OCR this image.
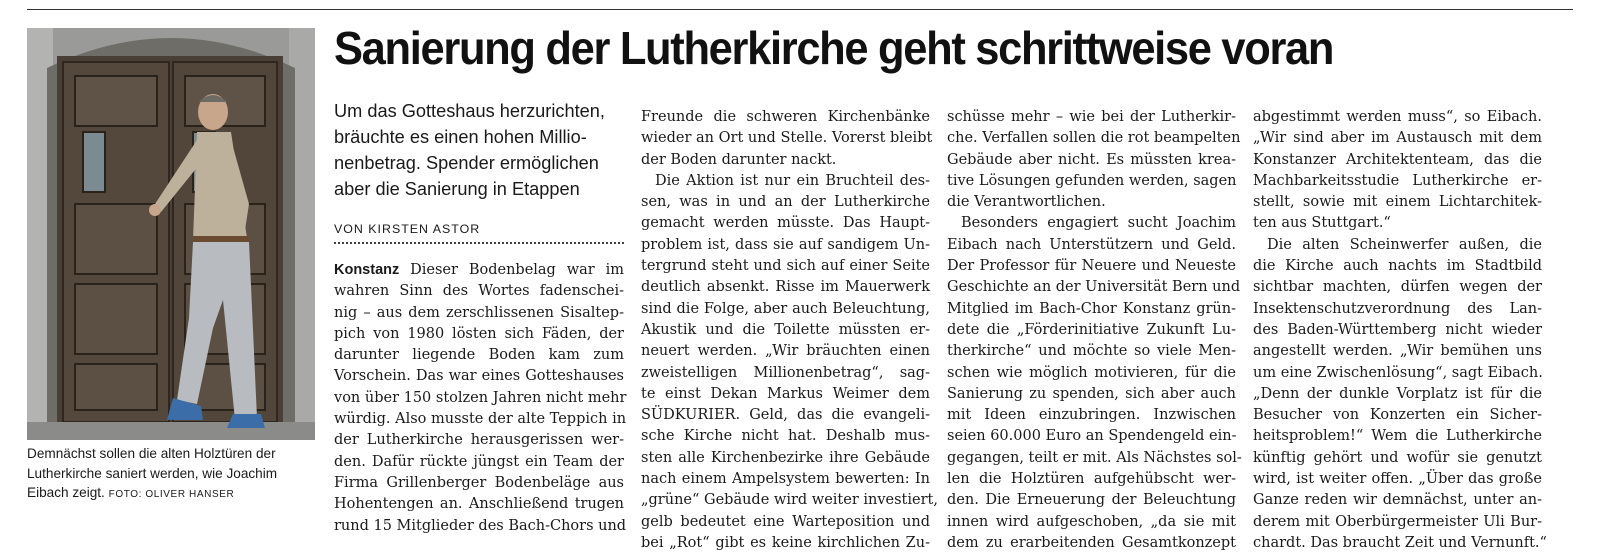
Demnächst sollen die alten Holztüren der Lutherkirche saniert werden, wie Joachim Eibach zeigt. FOTO: OLIVER HANSER
Sanierung der Lutherkirche geht schrittweise voran
Um das Gotteshaus herzurichten,
bräuchte es einen hohen Millio-
nenbetrag. Spender ermöglichen
aber die Sanierung in Etappen
VON KIRSTEN ASTOR
Konstanz Dieser Bodenbelag war im
wahren Sinn des Wortes fadenschei-
nig – aus dem zerschlissenen Sisaltep-
pich von 1980 lösten sich Fäden, der
darunter liegende Boden kam zum
Vorschein. Das war eines Gotteshauses
von über 150 stolzen Jahren nicht mehr
würdig. Also musste der alte Teppich in
der Lutherkirche herausgerissen wer-
den. Dafür rückte jüngst ein Team der
Firma Grillenberger Bodenbeläge aus
Hohentengen an. Anschließend trugen
rund 15 Mitglieder des Bach-Chors und
Freunde die schweren Kirchenbänke
wieder an Ort und Stelle. Vorerst bleibt
der Boden darunter nackt.
Die Aktion ist nur ein Bruchteil des-
sen, was in und an der Lutherkirche
gemacht werden müsste. Das Haupt-
problem ist, dass sie auf sandigem Un-
tergrund steht und sich auf einer Seite
deutlich absenkt. Risse im Mauerwerk
sind die Folge, aber auch Beleuchtung,
Akustik und die Toilette müssten er-
neuert werden. „Wir bräuchten einen
zweistelligen Millionenbetrag“, sag-
te einst Dekan Markus Weimer dem
SÜDKURIER. Geld, das die evangeli-
sche Kirche nicht hat. Deshalb mus-
sten alle Kirchenbezirke ihre Gebäude
nach einem Ampelsystem bewerten: In
„grüne“ Gebäude wird weiter investiert,
gelb bedeutet eine Warteposition und
bei „Rot“ gibt es keine kirchlichen Zu-
schüsse mehr – wie bei der Lutherkir-
che. Verfallen sollen die rot beampelten
Gebäude aber nicht. Es müssten krea-
tive Lösungen gefunden werden, sagen
die Verantwortlichen.
Besonders engagiert sucht Joachim
Eibach nach Unterstützern und Geld.
Der Professor für Neuere und Neueste
Geschichte an der Universität Bern und
Mitglied im Bach-Chor Konstanz grün-
dete die „Förderinitiative Zukunft Lu-
therkirche“ und möchte so viele Men-
schen wie möglich motivieren, für die
Sanierung zu spenden, sich aber auch
mit Ideen einzubringen. Inzwischen
seien 60.000 Euro an Spendengeld ein-
gegangen, teilt er mit. Als Nächstes sol-
len die Holztüren aufgehübscht wer-
den. Die Erneuerung der Beleuchtung
innen wird aufgeschoben, „da sie mit
dem zu erarbeitenden Gesamtkonzept
abgestimmt werden muss“, so Eibach.
„Wir sind aber im Austausch mit dem
Konstanzer Architektenteam, das die
Machbarkeitsstudie Lutherkirche er-
stellt, sowie mit einem Lichtarchitek-
ten aus Stuttgart.“
Die alten Scheinwerfer außen, die
die Kirche auch nachts im Stadtbild
sichtbar machten, dürfen wegen der
Insektenschutzverordnung des Lan-
des Baden-Württemberg nicht wieder
angestellt werden. „Wir bemühen uns
um eine Zwischenlösung“, sagt Eibach.
„Denn der dunkle Vorplatz ist für die
Besucher von Konzerten ein Sicher-
heitsproblem!“ Wem die Lutherkirche
künftig gehört und wofür sie genutzt
wird, ist weiter offen. „Über das große
Ganze reden wir demnächst, unter an-
derem mit Oberbürgermeister Uli Bur-
chardt. Das braucht Zeit und Vernunft.“
